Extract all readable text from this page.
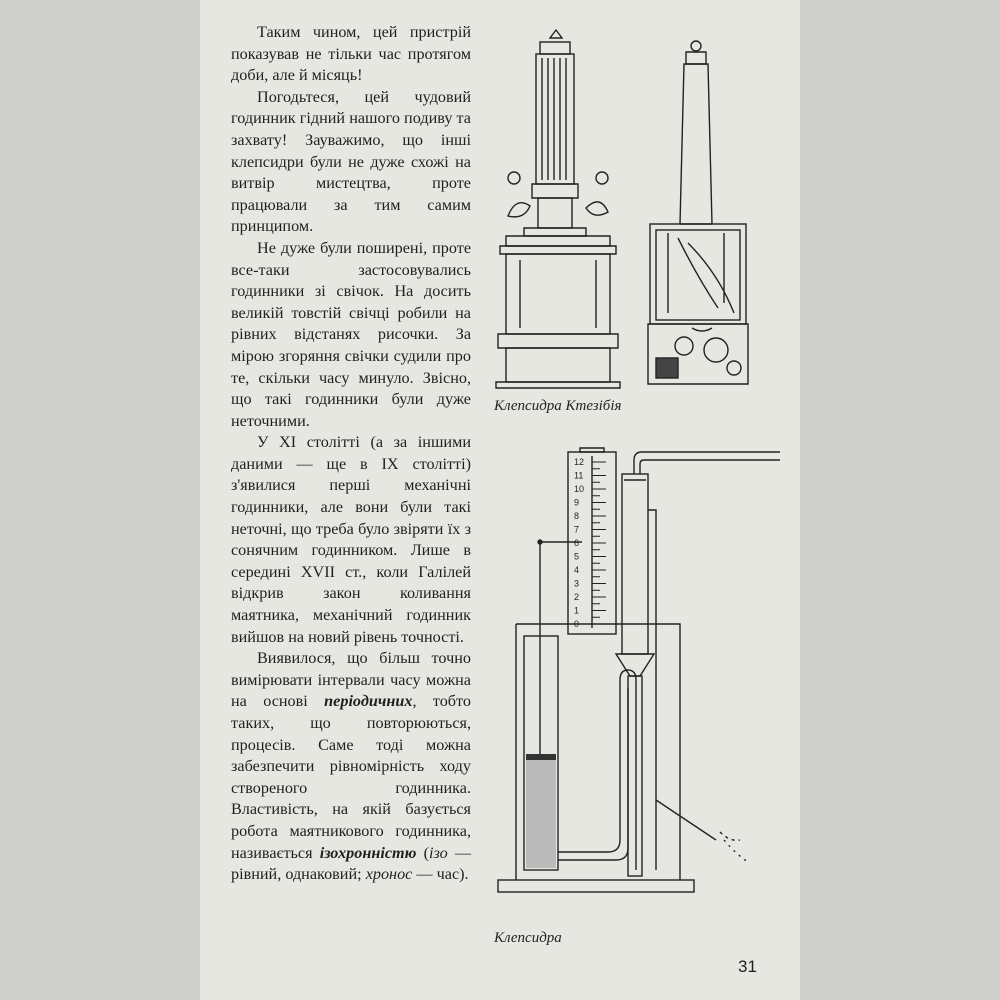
Таким чином, цей пристрій показував не тільки час протягом доби, але й місяць!

Погодьтеся, цей чудовий годинник гідний нашого подиву та захвату! Зауважимо, що інші клепсидри були не дуже схожі на витвір мистецтва, проте працювали за тим самим принципом.

Не дуже були поширені, проте все-таки застосовувались годинники зі свічок. На досить великій товстій свічці робили на рівних відстанях рисочки. За мірою згоряння свічки судили про те, скільки часу минуло. Звісно, що такі годинники були дуже неточними.

У XI столітті (а за іншими даними — ще в IX столітті) з'явилися перші механічні годинники, але вони були такі неточні, що треба було звіряти їх з сонячним годинником. Лише в середині XVII ст., коли Галілей відкрив закон коливання маятника, механічний годинник вийшов на новий рівень точності.

Виявилося, що більш точно вимірювати інтервали часу можна на основі періодичних, тобто таких, що повторюються, процесів. Саме тоді можна забезпечити рівномірність ходу створеного годинника. Властивість, на якій базується робота маятникового годинника, називається ізохронністю (ізо — рівний, однаковий; хронос — час).

Клепсидра Ктезібія
12
11
10
9
8
7
6
5
4
3
2
1
0
Клепсидра
31
